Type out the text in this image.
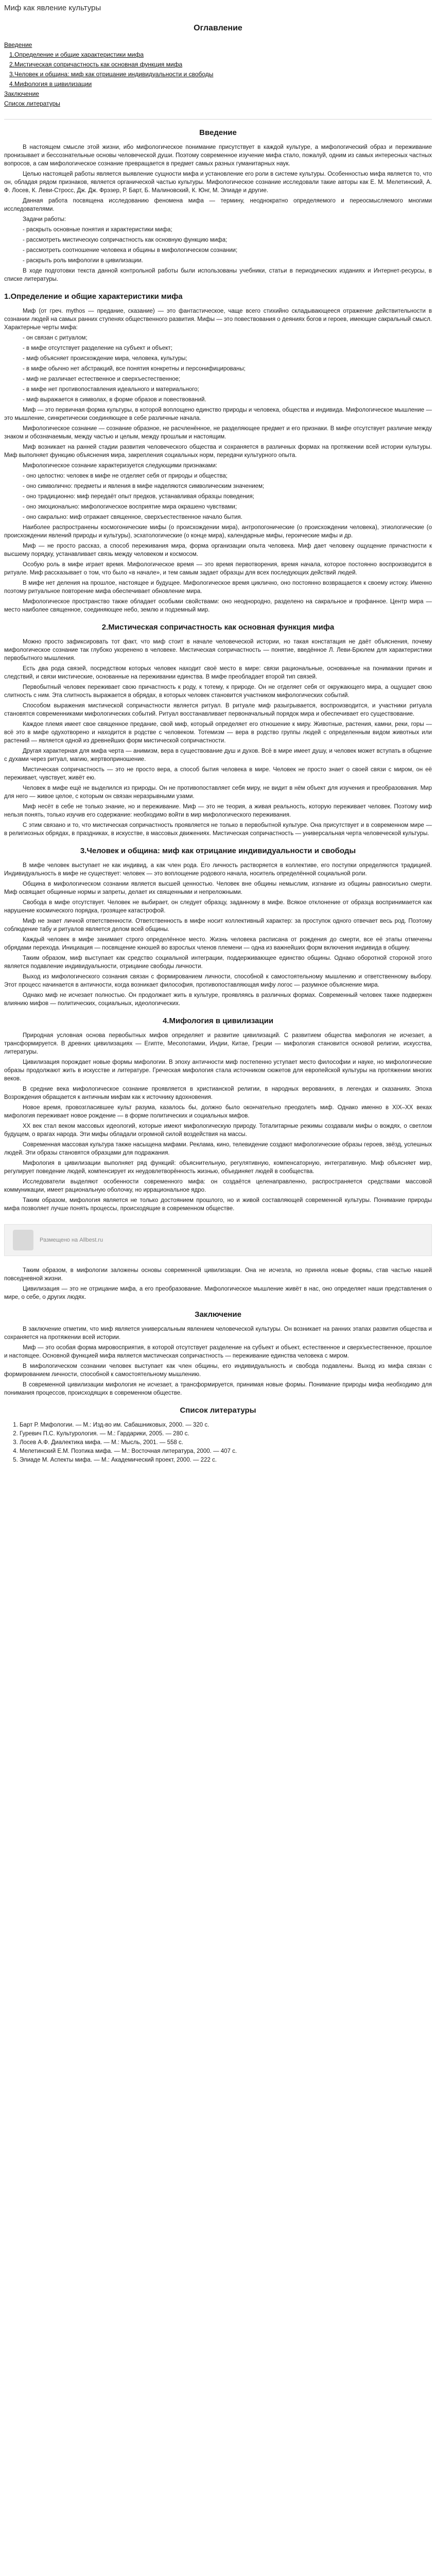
Миф как явление культуры
Оглавление
Введение
1.Определение и общие характеристики мифа
2.Мистическая сопричастность как основная функция мифа
3.Человек и община: миф как отрицание индивидуальности и свободы
4.Мифология в цивилизации
Заключение
Список литературы
Введение

В настоящем смысле этой жизни, ибо мифологическое понимание присутствует в каждой культуре, а мифологический образ и переживание пронизывает и бессознательные основы человеческой души. Поэтому современное изучение мифа стало, пожалуй, одним из самых интересных частных вопросов, а сам мифологическое сознание превращается в предмет самых разных гуманитарных наук.

Целью настоящей работы является выявление сущности мифа и установление его роли в системе культуры. Особенностью мифа является то, что он, обладая рядом признаков, является органической частью культуры. Мифологическое сознание исследовали такие авторы как Е. М. Мелетинский, А. Ф. Лосев, К. Леви-Стросс, Дж. Дж. Фрэзер, Р. Барт, Б. Малиновский, К. Юнг, М. Элиаде и другие.

Данная работа посвящена исследованию феномена мифа — термину, неоднократно определяемого и переосмысляемого многими исследователями.

Задачи работы:

- раскрыть основные понятия и характеристики мифа;

- рассмотреть мистическую сопричастность как основную функцию мифа;

- рассмотреть соотношение человека и общины в мифологическом сознании;

- раскрыть роль мифологии в цивилизации.

В ходе подготовки текста данной контрольной работы были использованы учебники, статьи в периодических изданиях и Интернет-ресурсы, в списке литературы.

1.Определение и общие характеристики мифа

Миф (от греч. mythos — предание, сказание) — это фантастическое, чаще всего стихийно складывающееся отражение действительности в сознании людей на самых ранних ступенях общественного развития. Мифы — это повествования о деяниях богов и героев, имеющие сакральный смысл. Характерные черты мифа:

- он связан с ритуалом;

- в мифе отсутствует разделение на субъект и объект;

- миф объясняет происхождение мира, человека, культуры;

- в мифе обычно нет абстракций, все понятия конкретны и персонифицированы;

- миф не различает естественное и сверхъестественное;

- в мифе нет противопоставления идеального и материального;

- миф выражается в символах, в форме образов и повествований.

Миф — это первичная форма культуры, в которой воплощено единство природы и человека, общества и индивида. Мифологическое мышление — это мышление, синкретически соединяющее в себе различные начала.

Мифологическое сознание — сознание образное, не расчленённое, не разделяющее предмет и его признаки. В мифе отсутствует различие между знаком и обозначаемым, между частью и целым, между прошлым и настоящим.

Миф возникает на ранней стадии развития человеческого общества и сохраняется в различных формах на протяжении всей истории культуры. Миф выполняет функцию объяснения мира, закрепления социальных норм, передачи культурного опыта.

Мифологическое сознание характеризуется следующими признаками:

- оно целостно: человек в мифе не отделяет себя от природы и общества;

- оно символично: предметы и явления в мифе наделяются символическим значением;

- оно традиционно: миф передаёт опыт предков, устанавливая образцы поведения;

- оно эмоционально: мифологическое восприятие мира окрашено чувствами;

- оно сакрально: миф отражает священное, сверхъестественное начало бытия.

Наиболее распространены космогонические мифы (о происхождении мира), антропогонические (о происхождении человека), этиологические (о происхождении явлений природы и культуры), эсхатологические (о конце мира), календарные мифы, героические мифы и др.

Миф — не просто рассказ, а способ переживания мира, форма организации опыта человека. Миф дает человеку ощущение причастности к высшему порядку, устанавливает связь между человеком и космосом.

Особую роль в мифе играет время. Мифологическое время — это время первотворения, время начала, которое постоянно воспроизводится в ритуале. Миф рассказывает о том, что было «в начале», и тем самым задает образцы для всех последующих действий людей.

В мифе нет деления на прошлое, настоящее и будущее. Мифологическое время циклично, оно постоянно возвращается к своему истоку. Именно поэтому ритуальное повторение мифа обеспечивает обновление мира.

Мифологическое пространство также обладает особыми свойствами: оно неоднородно, разделено на сакральное и профанное. Центр мира — место наиболее священное, соединяющее небо, землю и подземный мир.

2.Мистическая сопричастность как основная функция мифа

Можно просто зафиксировать тот факт, что миф стоит в начале человеческой истории, но такая констатация не даёт объяснения, почему мифологическое сознание так глубоко укоренено в человеке. Мистическая сопричастность — понятие, введённое Л. Леви-Брюлем для характеристики первобытного мышления.

Есть два рода связей, посредством которых человек находит своё место в мире: связи рациональные, основанные на понимании причин и следствий, и связи мистические, основанные на переживании единства. В мифе преобладает второй тип связей.

Первобытный человек переживает свою причастность к роду, к тотему, к природе. Он не отделяет себя от окружающего мира, а ощущает свою слитность с ним. Эта слитность выражается в обрядах, в которых человек становится участником мифологических событий.

Способом выражения мистической сопричастности является ритуал. В ритуале миф разыгрывается, воспроизводится, и участники ритуала становятся современниками мифологических событий. Ритуал восстанавливает первоначальный порядок мира и обеспечивает его существование.

Каждое племя имеет свое священное предание, свой миф, который определяет его отношение к миру. Животные, растения, камни, реки, горы — всё это в мифе одухотворено и находится в родстве с человеком. Тотемизм — вера в родство группы людей с определенным видом животных или растений — является одной из древнейших форм мистической сопричастности.

Другая характерная для мифа черта — анимизм, вера в существование душ и духов. Всё в мире имеет душу, и человек может вступать в общение с духами через ритуал, магию, жертвоприношение.

Мистическая сопричастность — это не просто вера, а способ бытия человека в мире. Человек не просто знает о своей связи с миром, он её переживает, чувствует, живёт ею.

Человек в мифе ещё не выделился из природы. Он не противопоставляет себя миру, не видит в нём объект для изучения и преобразования. Мир для него — живое целое, с которым он связан неразрывными узами.

Миф несёт в себе не только знание, но и переживание. Миф — это не теория, а живая реальность, которую переживает человек. Поэтому миф нельзя понять, только изучив его содержание: необходимо войти в мир мифологического переживания.

С этим связано и то, что мистическая сопричастность проявляется не только в первобытной культуре. Она присутствует и в современном мире — в религиозных обрядах, в праздниках, в искусстве, в массовых движениях. Мистическая сопричастность — универсальная черта человеческой культуры.

3.Человек и община: миф как отрицание индивидуальности и свободы

В мифе человек выступает не как индивид, а как член рода. Его личность растворяется в коллективе, его поступки определяются традицией. Индивидуальность в мифе не существует: человек — это воплощение родового начала, носитель определённой социальной роли.

Община в мифологическом сознании является высшей ценностью. Человек вне общины немыслим, изгнание из общины равносильно смерти. Миф освящает общинные нормы и запреты, делает их священными и непреложными.

Свобода в мифе отсутствует. Человек не выбирает, он следует образцу, заданному в мифе. Всякое отклонение от образца воспринимается как нарушение космического порядка, грозящее катастрофой.

Миф не знает личной ответственности. Ответственность в мифе носит коллективный характер: за проступок одного отвечает весь род. Поэтому соблюдение табу и ритуалов является делом всей общины.

Каждый человек в мифе занимает строго определённое место. Жизнь человека расписана от рождения до смерти, все её этапы отмечены обрядами перехода. Инициация — посвящение юношей во взрослых членов племени — одна из важнейших форм включения индивида в общину.

Таким образом, миф выступает как средство социальной интеграции, поддерживающее единство общины. Однако оборотной стороной этого является подавление индивидуальности, отрицание свободы личности.

Выход из мифологического сознания связан с формированием личности, способной к самостоятельному мышлению и ответственному выбору. Этот процесс начинается в античности, когда возникает философия, противопоставляющая мифу логос — разумное объяснение мира.

Однако миф не исчезает полностью. Он продолжает жить в культуре, проявляясь в различных формах. Современный человек также подвержен влиянию мифов — политических, социальных, идеологических.

4.Мифология в цивилизации

Природная условная основа первобытных мифов определяет и развитие цивилизаций. С развитием общества мифология не исчезает, а трансформируется. В древних цивилизациях — Египте, Месопотамии, Индии, Китае, Греции — мифология становится основой религии, искусства, литературы.

Цивилизация порождает новые формы мифологии. В эпоху античности миф постепенно уступает место философии и науке, но мифологические образы продолжают жить в искусстве и литературе. Греческая мифология стала источником сюжетов для европейской культуры на протяжении многих веков.

В средние века мифологическое сознание проявляется в христианской религии, в народных верованиях, в легендах и сказаниях. Эпоха Возрождения обращается к античным мифам как к источнику вдохновения.

Новое время, провозгласившее культ разума, казалось бы, должно было окончательно преодолеть миф. Однако именно в XIX–XX веках мифология переживает новое рождение — в форме политических и социальных мифов.

XX век стал веком массовых идеологий, которые имеют мифологическую природу. Тоталитарные режимы создавали мифы о вождях, о светлом будущем, о врагах народа. Эти мифы обладали огромной силой воздействия на массы.

Современная массовая культура также насыщена мифами. Реклама, кино, телевидение создают мифологические образы героев, звёзд, успешных людей. Эти образы становятся образцами для подражания.

Мифология в цивилизации выполняет ряд функций: объяснительную, регулятивную, компенсаторную, интегративную. Миф объясняет мир, регулирует поведение людей, компенсирует их неудовлетворённость жизнью, объединяет людей в сообщества.

Исследователи выделяют особенности современного мифа: он создаётся целенаправленно, распространяется средствами массовой коммуникации, имеет рациональную оболочку, но иррациональное ядро.

Таким образом, мифология является не только достоянием прошлого, но и живой составляющей современной культуры. Понимание природы мифа позволяет лучше понять процессы, происходящие в современном обществе.

Размещено на Allbest.ru

Таким образом, в мифологии заложены основы современной цивилизации. Она не исчезла, но приняла новые формы, став частью нашей повседневной жизни.

Цивилизация — это не отрицание мифа, а его преобразование. Мифологическое мышление живёт в нас, оно определяет наши представления о мире, о себе, о других людях.

Заключение

В заключение отметим, что миф является универсальным явлением человеческой культуры. Он возникает на ранних этапах развития общества и сохраняется на протяжении всей истории.

Миф — это особая форма мировосприятия, в которой отсутствует разделение на субъект и объект, естественное и сверхъестественное, прошлое и настоящее. Основной функцией мифа является мистическая сопричастность — переживание единства человека с миром.

В мифологическом сознании человек выступает как член общины, его индивидуальность и свобода подавлены. Выход из мифа связан с формированием личности, способной к самостоятельному мышлению.

В современной цивилизации мифология не исчезает, а трансформируется, принимая новые формы. Понимание природы мифа необходимо для понимания процессов, происходящих в современном обществе.

Список литературы
1. Барт Р. Мифологии. — М.: Изд-во им. Сабашниковых, 2000. — 320 с.
2. Гуревич П.С. Культурология. — М.: Гардарики, 2005. — 280 с.
3. Лосев А.Ф. Диалектика мифа. — М.: Мысль, 2001. — 558 с.
4. Мелетинский Е.М. Поэтика мифа. — М.: Восточная литература, 2000. — 407 с.
5. Элиаде М. Аспекты мифа. — М.: Академический проект, 2000. — 222 с.
